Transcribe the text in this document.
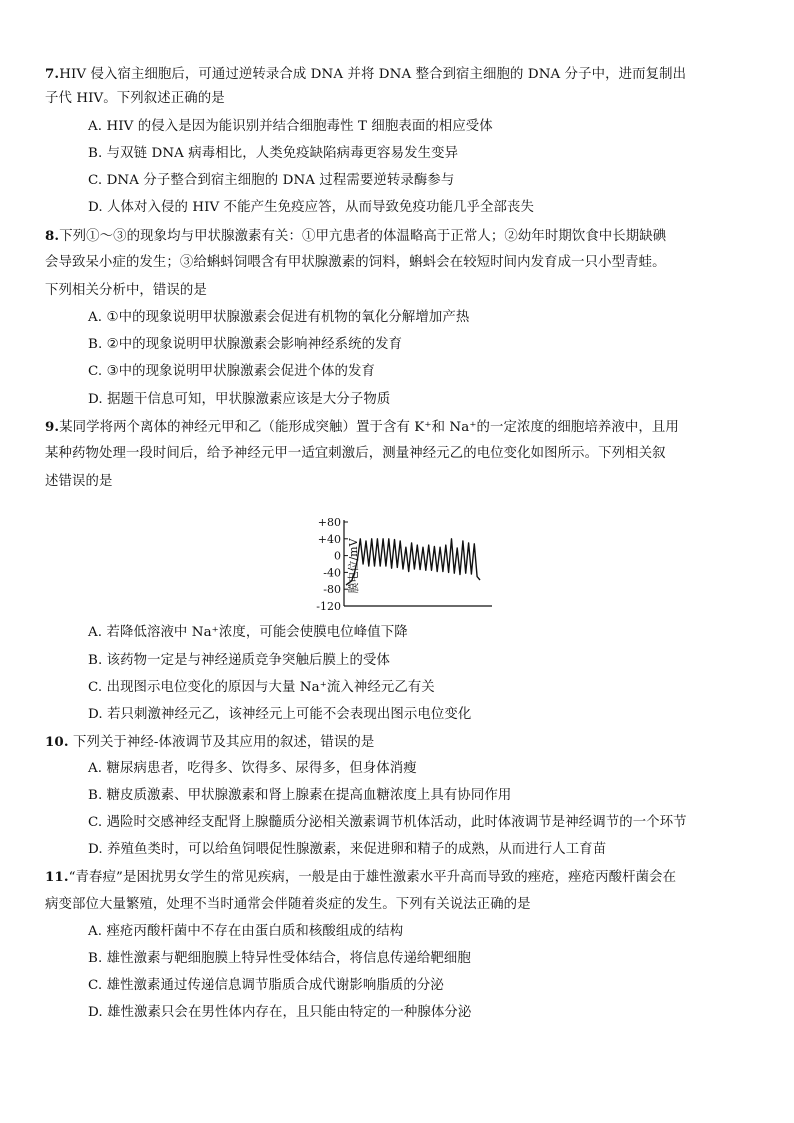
7.HIV 侵入宿主细胞后，可通过逆转录合成 DNA 并将 DNA 整合到宿主细胞的 DNA 分子中，进而复制出
子代 HIV。下列叙述正确的是
A. HIV 的侵入是因为能识别并结合细胞毒性 T 细胞表面的相应受体
B. 与双链 DNA 病毒相比，人类免疫缺陷病毒更容易发生变异
C. DNA 分子整合到宿主细胞的 DNA 过程需要逆转录酶参与
D. 人体对入侵的 HIV 不能产生免疫应答，从而导致免疫功能几乎全部丧失
8.下列①～③的现象均与甲状腺激素有关：①甲亢患者的体温略高于正常人；②幼年时期饮食中长期缺碘
会导致呆小症的发生；③给蝌蚪饲喂含有甲状腺激素的饲料，蝌蚪会在较短时间内发育成一只小型青蛙。
下列相关分析中，错误的是
A. ①中的现象说明甲状腺激素会促进有机物的氧化分解增加产热
B. ②中的现象说明甲状腺激素会影响神经系统的发育
C. ③中的现象说明甲状腺激素会促进个体的发育
D. 据题干信息可知，甲状腺激素应该是大分子物质
9.某同学将两个离体的神经元甲和乙（能形成突触）置于含有 K⁺和 Na⁺的一定浓度的细胞培养液中，且用
某种药物处理一段时间后，给予神经元甲一适宜刺激后，测量神经元乙的电位变化如图所示。下列相关叙
述错误的是
A. 若降低溶液中 Na⁺浓度，可能会使膜电位峰值下降
B. 该药物一定是与神经递质竞争突触后膜上的受体
C. 出现图示电位变化的原因与大量 Na⁺流入神经元乙有关
D. 若只刺激神经元乙，该神经元上可能不会表现出图示电位变化
10. 下列关于神经-体液调节及其应用的叙述，错误的是
A. 糖尿病患者，吃得多、饮得多、尿得多，但身体消瘦
B. 糖皮质激素、甲状腺激素和肾上腺素在提高血糖浓度上具有协同作用
C. 遇险时交感神经支配肾上腺髓质分泌相关激素调节机体活动，此时体液调节是神经调节的一个环节
D. 养殖鱼类时，可以给鱼饲喂促性腺激素，来促进卵和精子的成熟，从而进行人工育苗
11.“青春痘”是困扰男女学生的常见疾病，一般是由于雄性激素水平升高而导致的痤疮，痤疮丙酸杆菌会在
病变部位大量繁殖，处理不当时通常会伴随着炎症的发生。下列有关说法正确的是
A. 痤疮丙酸杆菌中不存在由蛋白质和核酸组成的结构
B. 雄性激素与靶细胞膜上特异性受体结合，将信息传递给靶细胞
C. 雄性激素通过传递信息调节脂质合成代谢影响脂质的分泌
D. 雄性激素只会在男性体内存在，且只能由特定的一种腺体分泌
+80
+40
0
-40
-80
-120
膜电位/mV
